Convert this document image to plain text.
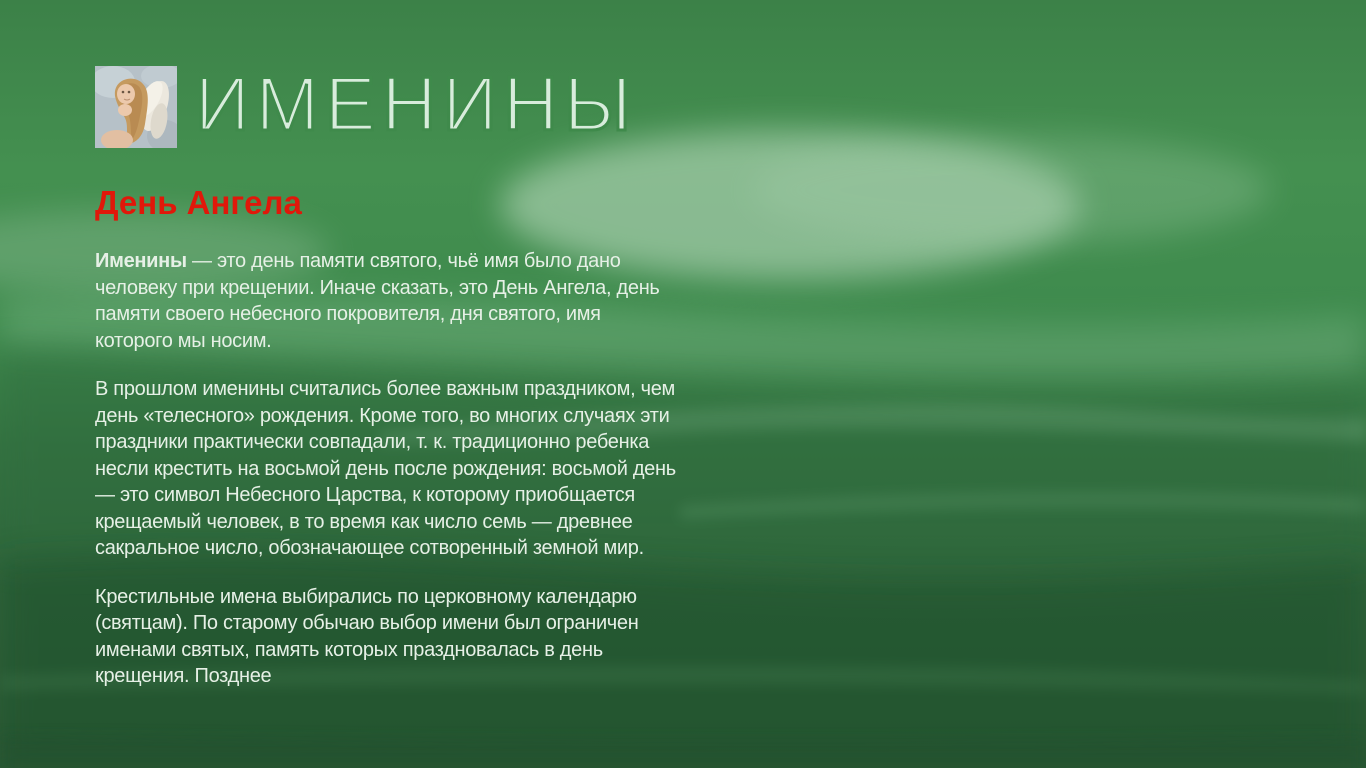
ИМЕНИНЫ
День Ангела

Именины — это день памяти святого, чьё имя было дано человеку при крещении. Иначе сказать, это День Ангела, день памяти своего небесного покровителя, дня святого, имя которого мы носим.

В прошлом именины считались более важным праздником, чем день «телесного» рождения. Кроме того, во многих случаях эти праздники практически совпадали, т. к. традиционно ребенка несли крестить на восьмой день после рождения: восьмой день — это символ Небесного Царства, к которому приобщается крещаемый человек, в то время как число семь — древнее сакральное число, обозначающее сотворенный земной мир.

Крестильные имена выбирались по церковному календарю (святцам). По старому обычаю выбор имени был ограничен именами святых, память которых праздновалась в день крещения. Позднее
